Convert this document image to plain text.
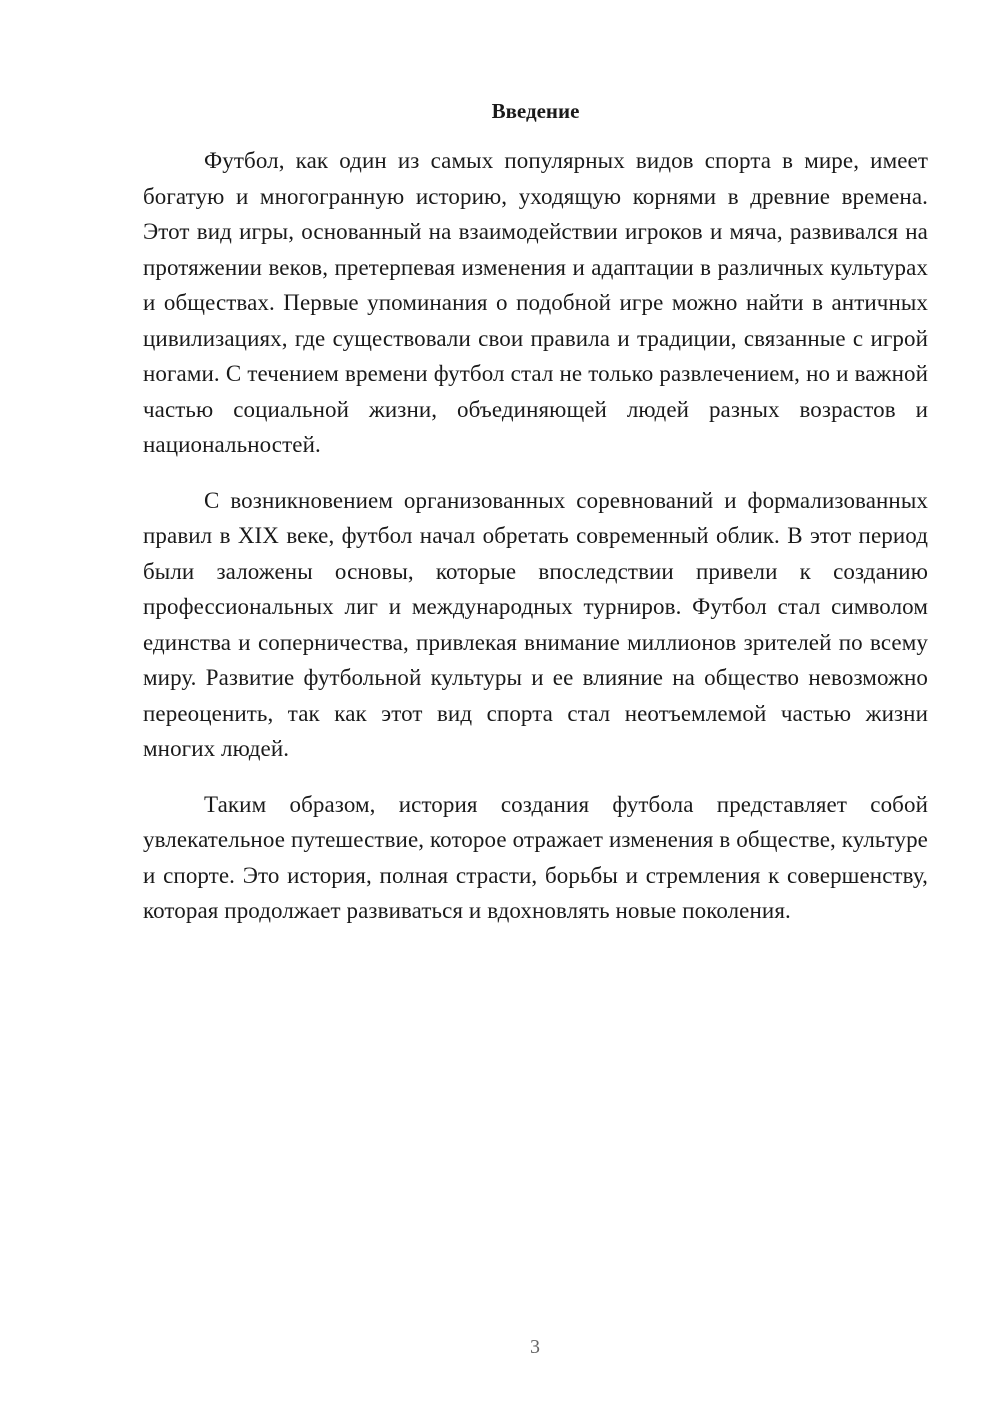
Введение

Футбол, как один из самых популярных видов спорта в мире, имеет богатую и многогранную историю, уходящую корнями в древние времена. Этот вид игры, основанный на взаимодействии игроков и мяча, развивался на протяжении веков, претерпевая изменения и адаптации в различных культурах и обществах. Первые упоминания о подобной игре можно найти в античных цивилизациях, где существовали свои правила и традиции, связанные с игрой ногами. С течением времени футбол стал не только развлечением, но и важной частью социальной жизни, объединяющей людей разных возрастов и национальностей.

С возникновением организованных соревнований и формализованных правил в XIX веке, футбол начал обретать современный облик. В этот период были заложены основы, которые впоследствии привели к созданию профессиональных лиг и международных турниров. Футбол стал символом единства и соперничества, привлекая внимание миллионов зрителей по всему миру. Развитие футбольной культуры и ее влияние на общество невозможно переоценить, так как этот вид спорта стал неотъемлемой частью жизни многих людей.

Таким образом, история создания футбола представляет собой увлекательное путешествие, которое отражает изменения в обществе, культуре и спорте. Это история, полная страсти, борьбы и стремления к совершенству, которая продолжает развиваться и вдохновлять новые поколения.

3
